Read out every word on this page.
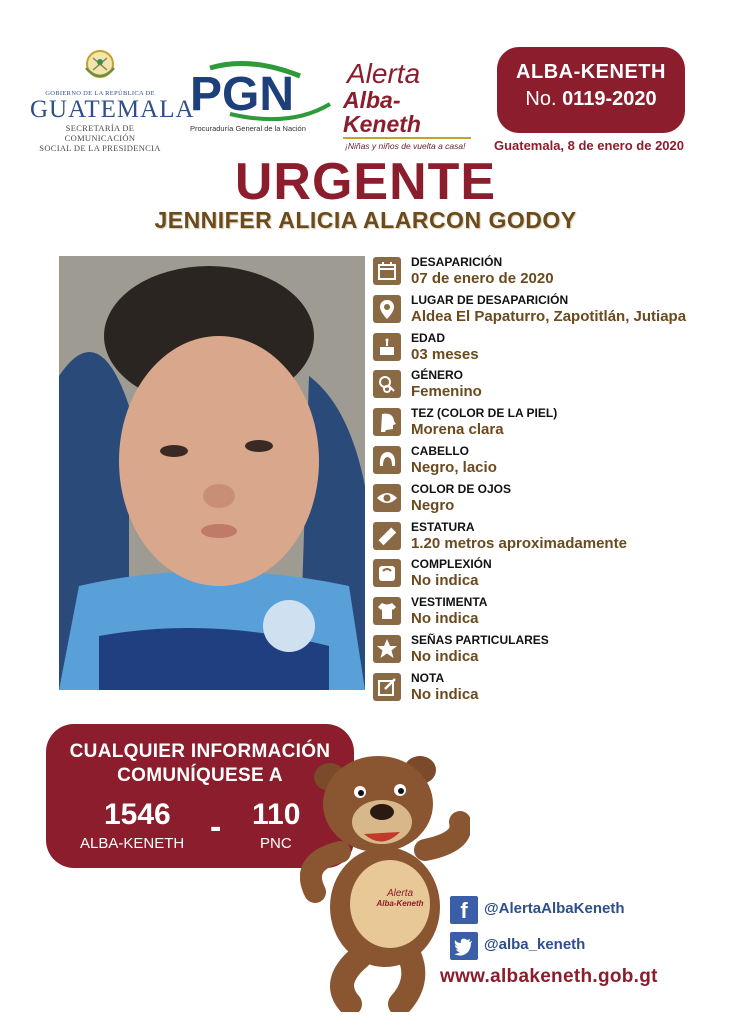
GOBIERNO DE LA REPÚBLICA DE
GUATEMALA
SECRETARÍA DE COMUNICACIÓN
SOCIAL DE LA PRESIDENCIA
PGN
Procuraduría General de la Nación
Alerta
Alba-Keneth
¡Niñas y niños de vuelta a casa!
ALBA-KENETH
No. 0119-2020
Guatemala, 8 de enero de 2020
URGENTE
JENNIFER ALICIA ALARCON GODOY
DESAPARICIÓN
07 de enero de 2020
LUGAR DE DESAPARICIÓN
Aldea El Papaturro, Zapotitlán, Jutiapa
EDAD
03 meses
GÉNERO
Femenino
TEZ (COLOR DE LA PIEL)
Morena clara
CABELLO
Negro, lacio
COLOR DE OJOS
Negro
ESTATURA
1.20 metros aproximadamente
COMPLEXIÓN
No indica
VESTIMENTA
No indica
SEÑAS PARTICULARES
No indica
NOTA
No indica
CUALQUIER INFORMACIÓN
COMUNÍQUESE A
1546
ALBA-KENETH - 110
PNC
Alerta
Alba-Keneth	f	@AlertaAlbaKeneth
@alba_keneth
www.albakeneth.gob.gt
